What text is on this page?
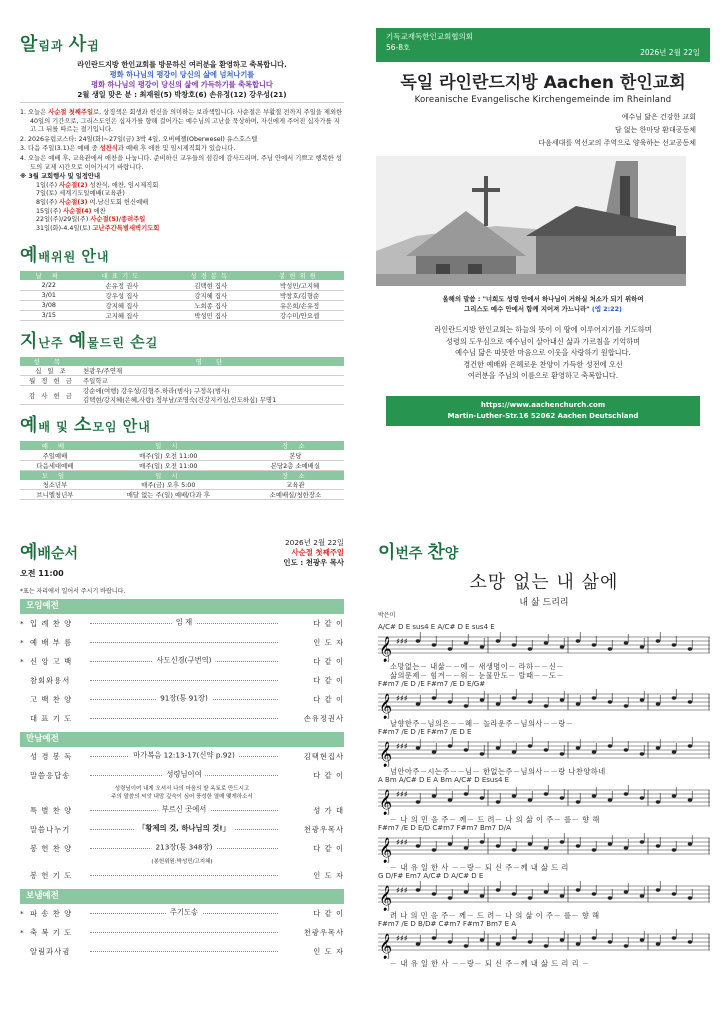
알림과 사귐
라인란드지방 한인교회를 방문하신 여러분을 환영하고 축복합니다.
평화 하나님의 평강이 당신의 삶에 넘쳐나기를
평화 하나님의 평강이 당신의 삶에 가득하기를 축복합니다
2월 생일 맞은 분 : 최재원(5) 박창호(6) 손유정(12) 강우성(21)
1. 오늘은 사순절 첫째주일로, 상징색은 회생과 헌신을 의미하는 보라색입니다. 사순절은 부활절 전까지 주일을 제외한 40일의 기간으로, 그리스도인은 십자가를 향해 걸어가는 예수님의 고난을 묵상하며, 자신에게 주어진 십자가를 지고 그 뒤를 따르는 절기입니다.
2. 2026유럽코스타: 24일(화)~27일(금) 3박 4일, 오버베젤(Oberwesel) 유스호스텔
3. 다음 주일(3.1)은 예배 중 성찬식과 예배 후 애찬 및 임시제직회가 있습니다.
4. 오늘은 예배 후, 교육관에서 애찬을 나눕니다. 준비하신 교우들의 섬김에 감사드리며, 주님 안에서 기쁘고 행복한 성도의 교제 시간으로 이어가시기 바랍니다.
※ 3월 교회행사 및 일정안내
1일(주) 사순절(2) 성찬식, 애찬, 임시제직회
7일(토) 세계기도일예배(교육관)
8일(주) 사순절(3) 여.남신도회 헌신예배
15일(주) 사순절(4) 애찬
22일(주)/29일(주) 사순절(5)/종려주일
31일(화)-4.4일(토) 고난주간특별새벽기도회
예배위원 안내
날 짜	대표기도	성경봉독	봉헌위원
2/22	손유정 권사	김택현 집사	박성민/고지혜
3/01	강우성 집사	강지혜 집사	박창호/김형순
3/08	강지혜 집사	노희종 집사	유은희/손유정
3/15	고지혜 집사	박성민 집사	강수미/안요셉
지난주 예물드린 손길
항 목	명 단
십 일 조	천광우/주연재
월 정 헌 금	주일학교
감 사 헌 금	강순애(여행) 강우성/김형주.하라(범사) 구정옥(범사)
	김택현/강지혜(은혜,사랑) 정부남/조명숙(건강지키심,인도하심) 무명1
예배 및 소모임 안내
예 배	일 시	장 소
주일예배	매주(일) 오전 11:00	본당
다음세대예배	매주(일) 오전 11:00	본당2층 소예배실
모 임	일 시	장 소
청소년부	매주(금) 오후 5:00	교육관
브니엘청년부	매달 없는 주(일) 예배/다과 후	소예배실/청한장소
기독교재독한인교회협의회
56-8호
2026년 2월 22일
독일 라인란드지방 Aachen 한인교회
Koreanische Evangelische Kirchengemeinde im Rheinland
예수님 닮은 건강한 교회
담 없는 한마당 환대공동체
다음세대를 역선교의 주역으로 양육하는 선교공동체
올해의 말씀 : "너희도 성령 안에서 하나님이 거하실 처소가 되기 위하여
그리스도 예수 안에서 함께 지어져 가느니라" (엡 2:22)
라인란드지방 한인교회는 하늘의 뜻이 이 땅에 이루어지기를 기도하며
성령의 도우심으로 예수님이 살아내신 삶과 가르침을 기억하며
예수님 닮은 따뜻한 마음으로 이웃을 사랑하기 원합니다.
경건한 예배와 은혜로운 찬양이 가득한 성전에 오신
여러분을 주님의 이름으로 환영하고 축복합니다.
https://www.aachenchurch.com
Martin-Luther-Str.16 52062 Aachen Deutschland
예배순서
오전 11:00
2026년 2월 22일
사순절 첫째주일
인도 : 천광우 목사
*표는 자리에서 일어서 주시기 바랍니다.
모임예전
* 입 례 찬 양	임 재	다 같 이
* 예 배 부 름	인 도 자
* 신 앙 고 백	사도신경(구번역)	다 같 이
참회와용서	다 같 이
고 백 찬 양	91장(통 91장)	다 같 이
대 표 기 도	손유정권사
만남예전
성 경 봉 독	마가복음 12:13-17(신약 p.92)	김택현집사
말씀응답송	성령님이여	다 같 이
성령님이여 내게 오셔서 나의 마음의 밭 옥토로 만드시고
주의 말씀의 씨앗 내맘 깊숙이 심어 풍성한 열매 맺게하소서
특 별 찬 양	부르신 곳에서	성 가 대
말씀나누기	「황제의 것, 하나님의 것!」	천광우목사
봉 헌 찬 양	213장(통 348장)	다 같 이
(봉헌위원:박성민/고지혜)
봉 헌 기 도	인 도 자
보냄예전
* 파 송 찬 양	주기도송	다 같 이
* 축 복 기 도	천광우목사
알림과사귐	인 도 자
이번주 찬양
소망 없는 내 삶에
내 삶 드리리
박은미
A/C# D E sus4 E A/C# D E sus4 E
𝄞 ♯♯♯
소망없는－ 내삶－－에－ 새생명이－ 라하－－신－
삶의문제－ 힘겨－－워－ 눈물만도－ 랄때－－도－
F#m7 /E D /E F#m7 /E D E/G#
𝄞 ♯♯♯
날향한주－님의은－－혜－ 놀라운주－님의사－－랑－
F#m7 /E D /E F#m7 /E D E
𝄞 ♯♯♯
넘안아주－시는주－－님－ 한없는주－님의사－－랑 나찬양하네
A Bm A/C# D E A Bm A/C# D Esus4 E
𝄞 ♯♯♯
－ 나 의 민 음 주－ 께－ 드 려－ 나 의 삶 이 주－ 를－ 향 해
F#m7 /E D E/D C#m7 F#m7 Bm7 D/A
𝄞 ♯♯♯
－ 내 유 일 한 사 －－랑－ 되 신 주－께 내 삶 드 리
G D/F# Em7 A/C# D A/C# D E
𝄞 ♯♯♯
려 나 의 민 음 주－ 께－ 드 려－ 나 의 삶 이 주－ 를－ 향 해
F#m7 /E D B/D# C#m7 F#m7 Bm7 E A
𝄞 ♯♯♯
－ 내 유 일 한 사 －－랑－ 되 신 주－께 내 삶 드 리 리 －
